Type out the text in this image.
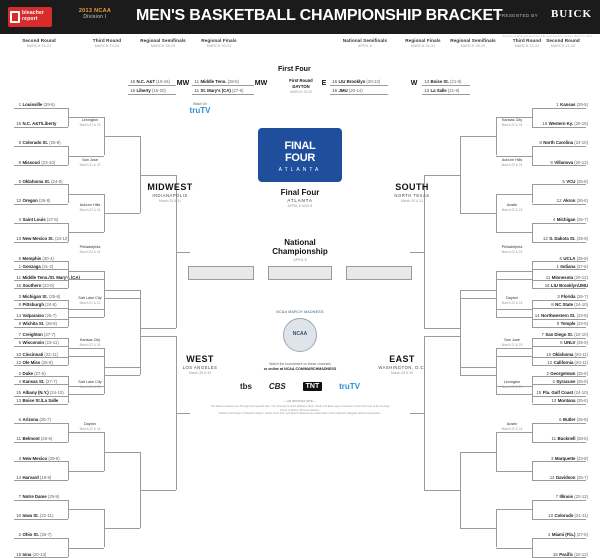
bleacher report
2013 NCAA
Division I	MEN'S BASKETBALL CHAMPIONSHIP BRACKET
PRESENTED BY BUICK
Based on at-large and automatic bids as of Selection Sunday, March 17, 2013
Second Round
MARCH 21-22
Third Round
MARCH 23-24
Regional Semifinals
MARCH 28-29
Regional Finals
MARCH 30-31
National Semifinals
APRIL 6
Regional Finals
MARCH 30-31
Regional Semifinals
MARCH 28-29
Third Round
MARCH 23-24
Second Round
MARCH 21-22
First Four
First Round
DAYTON
MARCH 19-20
16 N.C. A&T (19-16)
16 Liberty (15-20)
MW	11 Middle Tenn. (28-5)
11 St. Mary's (CA) (27-6)
MW	16 LIU Brooklyn (20-13)
16 JMU (20-14)
E	13 Boise St. (21-9)
13 La Salle (21-9)
W
Watch On
truTV
1 Louisville (29-5)
16 N.C. A&T/Liberty
8 Colorado St. (25-8)
9 Missouri (23-10)
5 Oklahoma St. (24-8)
12 Oregon (26-8)
4 Saint Louis (27-6)
13 New Mexico St. (24-10)
6 Memphis (30-4)
11 Middle Tenn./St. Mary's (CA)
3 Michigan St. (25-8)
14 Valparaiso (26-7)
7 Creighton (27-7)
10 Cincinnati (22-11)
2 Duke (27-5)
15 Albany (N.Y.) (24-10)
1 Gonzaga (31-2)
16 Southern (23-9)
8 Pittsburgh (24-8)
9 Wichita St. (26-8)
5 Wisconsin (23-11)
12 Ole Miss (26-8)
4 Kansas St. (27-7)
13 Boise St./La Salle
6 Arizona (25-7)
11 Belmont (26-6)
3 New Mexico (29-5)
14 Harvard (19-9)
7 Notre Dame (25-9)
10 Iowa St. (22-11)
2 Ohio St. (26-7)
15 Iona (20-13)
1 Kansas (29-5)
16 Western Ky. (20-15)
8 North Carolina (24-10)
9 Villanova (20-13)
5 VCU (26-8)
12 Akron (26-6)
4 Michigan (26-7)
13 S. Dakota St. (25-9)
6 UCLA (25-9)
11 Minnesota (20-12)
3 Florida (26-7)
14 Northwestern St. (23-8)
7 San Diego St. (22-10)
10 Oklahoma (20-11)
2 Georgetown (25-6)
15 Fla. Gulf Coast (24-10)
1 Indiana (27-6)
16 LIU Brooklyn/JMU
8 NC State (24-10)
9 Temple (23-9)
5 UNLV (25-9)
12 California (20-11)
4 Syracuse (26-9)
13 Montana (25-6)
6 Butler (26-8)
11 Bucknell (28-5)
3 Marquette (23-8)
14 Davidson (26-7)
7 Illinois (22-12)
10 Colorado (21-11)
2 Miami (Fla.) (27-6)
15 Pacific (22-12)
Lexington
March 21 & 23
San Jose
March 21 & 23
Auburn Hills
March 22 & 24
Philadelphia
March 22 & 24
Salt Lake City
March 21 & 23
Kansas City
March 22 & 24
Salt Lake City
March 21 & 23
Dayton
March 22 & 24
Kansas City
March 22 & 24
Auburn Hills
March 22 & 24
Austin
March 22 & 24
Philadelphia
March 22 & 24
Dayton
March 22 & 24
San Jose
March 21 & 23
Lexington
March 21 & 23
Austin
March 22 & 24
MIDWEST
INDIANAPOLIS
March 29 & 31
WEST
LOS ANGELES
March 28 & 30
SOUTH
NORTH TEXAS
March 29 & 31
EAST
WASHINGTON, D.C.
March 28 & 30
FINAL
FOUR
ATLANTA
Final Four
ATLANTA
APRIL 6 AND 8
National
Championship
APRIL 8
NCAA MARCH MADNESS
NCAA
Watch the tournament on these channels
or online at NCAA.COM/MARCHMADNESS
tbs CBS	TNT	truTV
— AN OFFICIAL SITE —
The Road to Atlanta runs through four regional sites. The champions of the Midwest, West, South and East regions advance to the Final Four at the Georgia Dome in Atlanta. All times Eastern.
Bracket and design © Bleacher Report. NCAA, Final Four and March Madness are trademarks of the National Collegiate Athletic Association.
